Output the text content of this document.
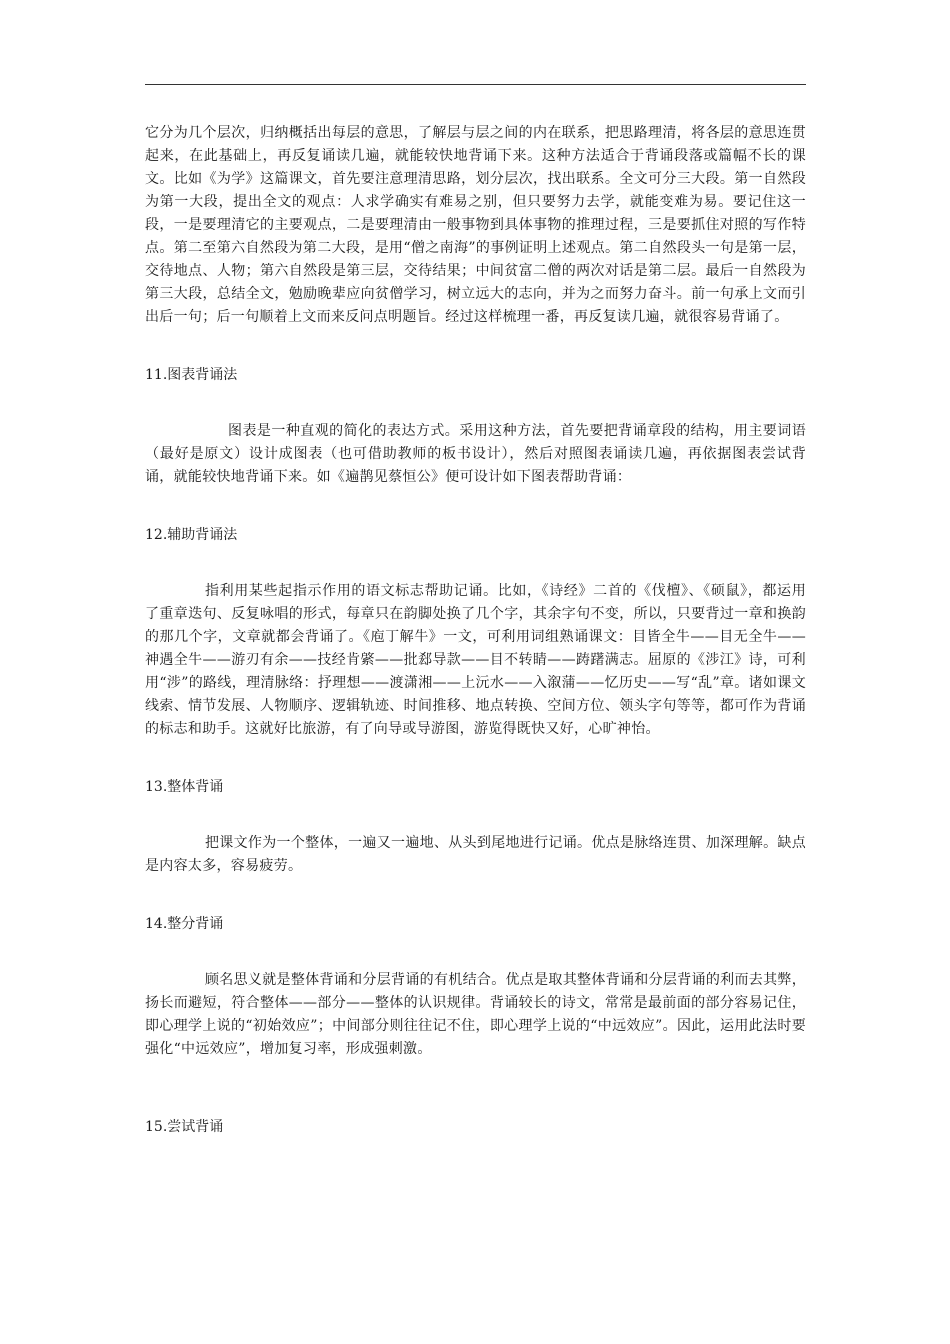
它分为几个层次，归纳概括出每层的意思，了解层与层之间的内在联系，把思路理清，将各层的意思连贯起来，在此基础上，再反复诵读几遍，就能较快地背诵下来。这种方法适合于背诵段落或篇幅不长的课文。比如《为学》这篇课文，首先要注意理清思路，划分层次，找出联系。全文可分三大段。第一自然段为第一大段，提出全文的观点：人求学确实有难易之别，但只要努力去学，就能变难为易。要记住这一段，一是要理清它的主要观点，二是要理清由一般事物到具体事物的推理过程，三是要抓住对照的写作特点。第二至第六自然段为第二大段，是用“僧之南海”的事例证明上述观点。第二自然段头一句是第一层，交待地点、人物；第六自然段是第三层，交待结果；中间贫富二僧的两次对话是第二层。最后一自然段为第三大段，总结全文，勉励晚辈应向贫僧学习，树立远大的志向，并为之而努力奋斗。前一句承上文而引出后一句；后一句顺着上文而来反问点明题旨。经过这样梳理一番，再反复读几遍，就很容易背诵了。

11.图表背诵法

图表是一种直观的简化的表达方式。采用这种方法，首先要把背诵章段的结构，用主要词语（最好是原文）设计成图表（也可借助教师的板书设计），然后对照图表诵读几遍，再依据图表尝试背诵，就能较快地背诵下来。如《遍鹊见蔡恒公》便可设计如下图表帮助背诵：

12.辅助背诵法

指利用某些起指示作用的语文标志帮助记诵。比如，《诗经》二首的《伐檀》、《硕鼠》，都运用了重章迭句、反复咏唱的形式，每章只在韵脚处换了几个字，其余字句不变，所以，只要背过一章和换韵的那几个字，文章就都会背诵了。《庖丁解牛》一文，可利用词组熟诵课文：目皆全牛——目无全牛——神遇全牛——游刃有余——技经肯綮——批郄导款——目不转睛——踌躇满志。屈原的《涉江》诗，可利用“涉”的路线，理清脉络：抒理想——渡潇湘——上沅水——入溆蒲——忆历史——写“乱”章。诸如课文线索、情节发展、人物顺序、逻辑轨迹、时间推移、地点转换、空间方位、领头字句等等，都可作为背诵的标志和助手。这就好比旅游，有了向导或导游图，游览得既快又好，心旷神怡。

13.整体背诵

把课文作为一个整体，一遍又一遍地、从头到尾地进行记诵。优点是脉络连贯、加深理解。缺点是内容太多，容易疲劳。

14.整分背诵

顾名思义就是整体背诵和分层背诵的有机结合。优点是取其整体背诵和分层背诵的利而去其弊，扬长而避短，符合整体——部分——整体的认识规律。背诵较长的诗文，常常是最前面的部分容易记住，即心理学上说的“初始效应”；中间部分则往往记不住，即心理学上说的“中远效应”。因此，运用此法时要强化“中远效应”，增加复习率，形成强刺激。

15.尝试背诵
